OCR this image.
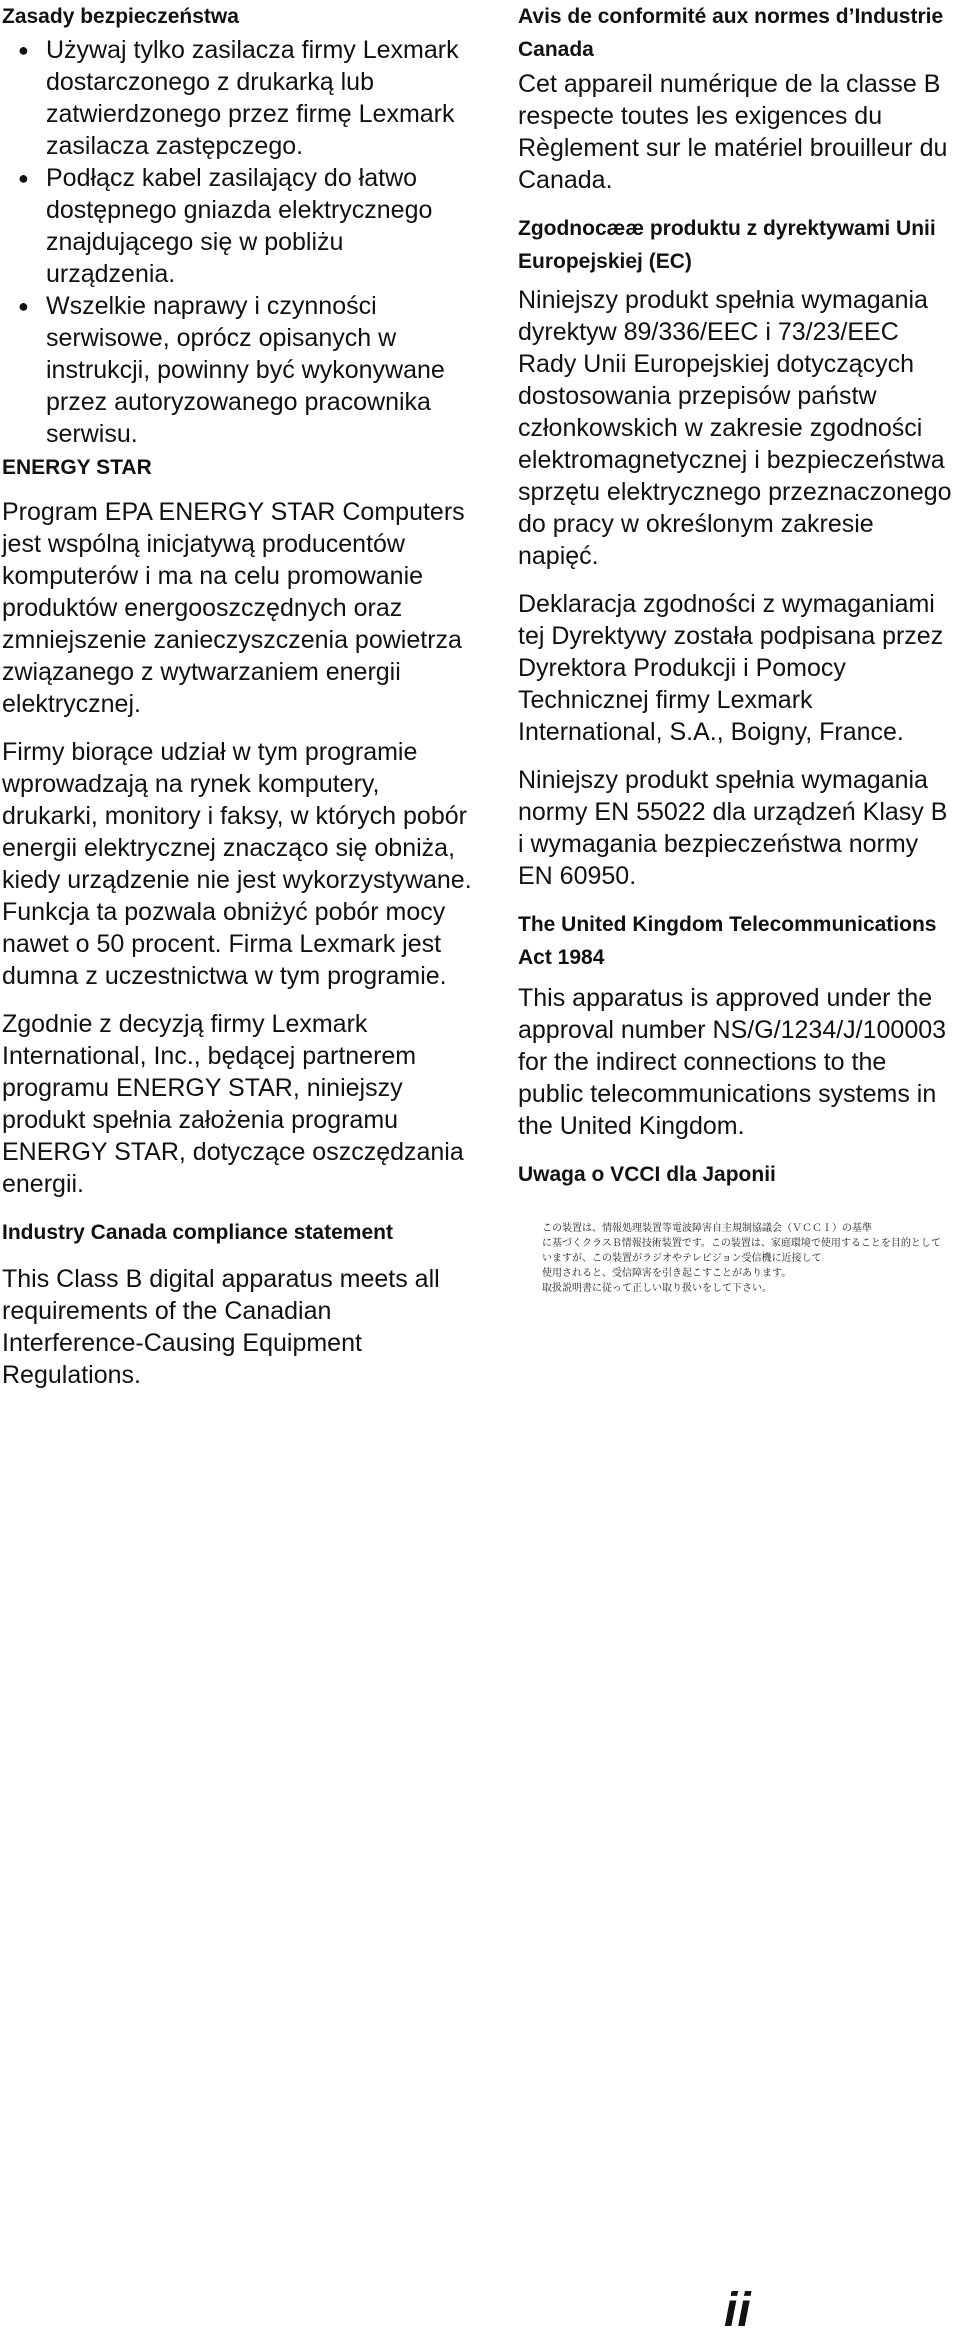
Zasady bezpieczeństwa

● Używaj tylko zasilacza firmy Lexmark dostarczonego z drukarką lub zatwierdzonego przez firmę Lexmark zasilacza zastępczego.
● Podłącz kabel zasilający do łatwo dostępnego gniazda elektrycznego znajdującego się w pobliżu urządzenia.
● Wszelkie naprawy i czynności serwisowe, oprócz opisanych w instrukcji, powinny być wykonywane przez autoryzowanego pracownika serwisu.

ENERGY STAR

Program EPA ENERGY STAR Computers jest wspólną inicjatywą producentów komputerów i ma na celu promowanie produktów energooszczędnych oraz zmniejszenie zanieczyszczenia powietrza związanego z wytwarzaniem energii elektrycznej.

Firmy biorące udział w tym programie wprowadzają na rynek komputery, drukarki, monitory i faksy, w których pobór energii elektrycznej znacząco się obniża, kiedy urządzenie nie jest wykorzystywane. Funkcja ta pozwala obniżyć pobór mocy nawet o 50 procent. Firma Lexmark jest dumna z uczestnictwa w tym programie.

Zgodnie z decyzją firmy Lexmark International, Inc., będącej partnerem programu ENERGY STAR, niniejszy produkt spełnia założenia programu ENERGY STAR, dotyczące oszczędzania energii.

Industry Canada compliance statement

This Class B digital apparatus meets all requirements of the Canadian Interference-Causing Equipment Regulations.

Avis de conformité aux normes d’Industrie Canada

Cet appareil numérique de la classe B respecte toutes les exigences du Règlement sur le matériel brouilleur du Canada.

Zgodnocææ produktu z dyrektywami Unii Europejskiej (EC)

Niniejszy produkt spełnia wymagania dyrektyw 89/336/EEC i 73/23/EEC Rady Unii Europejskiej dotyczących dostosowania przepisów państw członkowskich w zakresie zgodności elektromagnetycznej i bezpieczeństwa sprzętu elektrycznego przeznaczonego do pracy w określonym zakresie napięć.

Deklaracja zgodności z wymaganiami tej Dyrektywy została podpisana przez Dyrektora Produkcji i Pomocy Technicznej firmy Lexmark International, S.A., Boigny, France.

Niniejszy produkt spełnia wymagania normy EN 55022 dla urządzeń Klasy B i wymagania bezpieczeństwa normy EN 60950.

The United Kingdom Telecommunications Act 1984

This apparatus is approved under the approval number NS/G/1234/J/100003 for the indirect connections to the public telecommunications systems in the United Kingdom.

Uwaga o VCCI dla Japonii

この装置は、情報処理装置等電波障害自主規制協議会（ＶＣＣＩ）の基準
に基づくクラスＢ情報技術装置です。この装置は、家庭環境で使用することを目的としていますが、この装置がラジオやテレビジョン受信機に近接して
使用されると、受信障害を引き起こすことがあります。
取扱説明書に従って正しい取り扱いをして下さい。
ii
